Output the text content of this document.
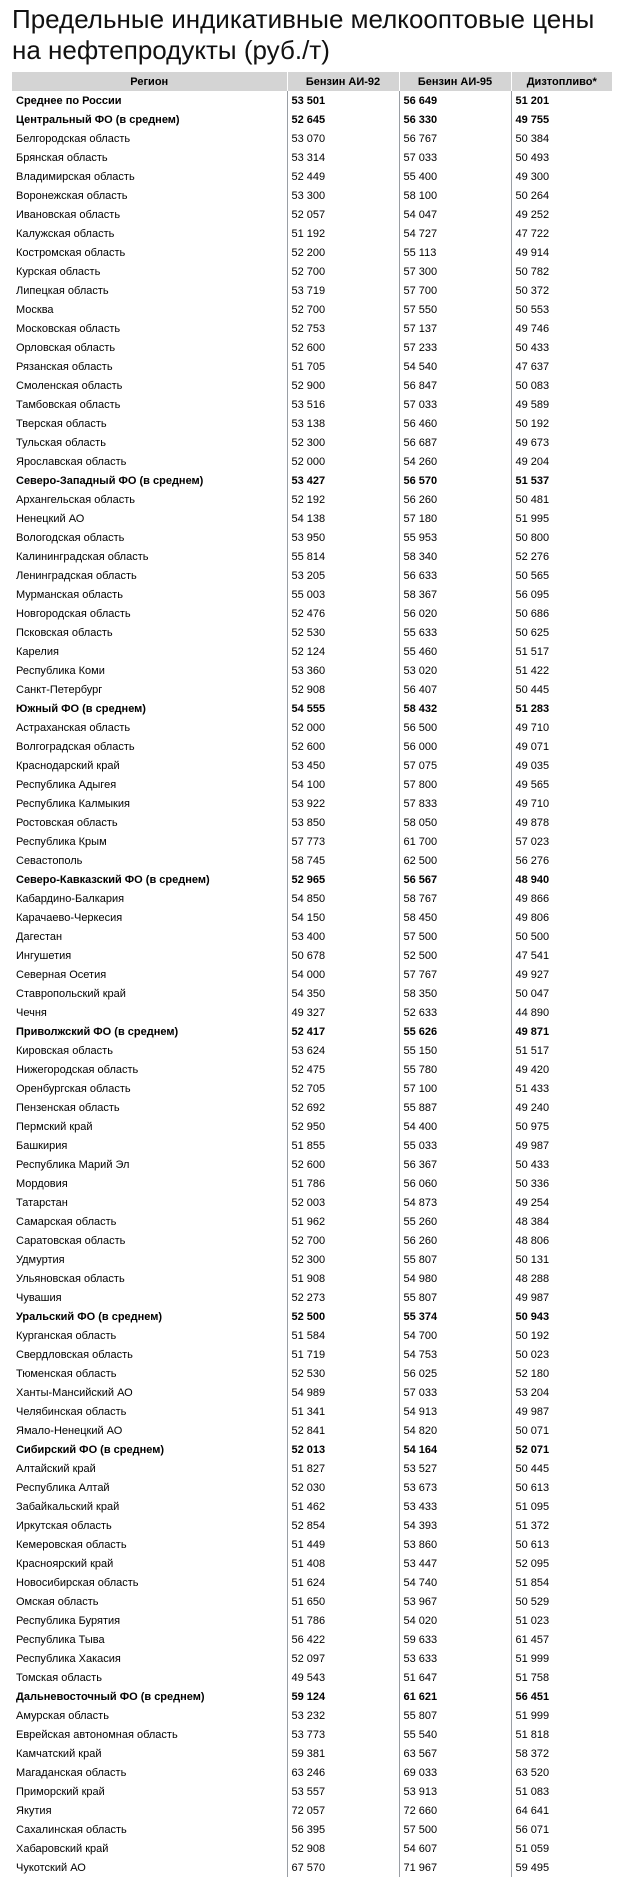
Предельные индикативные мелкооптовые цены на нефтепродукты (руб./т)
Регион	Бензин АИ-92	Бензин АИ-95	Дизтопливо*
Среднее по России	53 501	56 649	51 201
Центральный ФО (в среднем)	52 645	56 330	49 755
Белгородская область	53 070	56 767	50 384
Брянская область	53 314	57 033	50 493
Владимирская область	52 449	55 400	49 300
Воронежская область	53 300	58 100	50 264
Ивановская область	52 057	54 047	49 252
Калужская область	51 192	54 727	47 722
Костромская область	52 200	55 113	49 914
Курская область	52 700	57 300	50 782
Липецкая область	53 719	57 700	50 372
Москва	52 700	57 550	50 553
Московская область	52 753	57 137	49 746
Орловская область	52 600	57 233	50 433
Рязанская область	51 705	54 540	47 637
Смоленская область	52 900	56 847	50 083
Тамбовская область	53 516	57 033	49 589
Тверская область	53 138	56 460	50 192
Тульская область	52 300	56 687	49 673
Ярославская область	52 000	54 260	49 204
Северо-Западный ФО (в среднем)	53 427	56 570	51 537
Архангельская область	52 192	56 260	50 481
Ненецкий АО	54 138	57 180	51 995
Вологодская область	53 950	55 953	50 800
Калининградская область	55 814	58 340	52 276
Ленинградская область	53 205	56 633	50 565
Мурманская область	55 003	58 367	56 095
Новгородская область	52 476	56 020	50 686
Псковская область	52 530	55 633	50 625
Карелия	52 124	55 460	51 517
Республика Коми	53 360	53 020	51 422
Санкт-Петербург	52 908	56 407	50 445
Южный ФО (в среднем)	54 555	58 432	51 283
Астраханская область	52 000	56 500	49 710
Волгоградская область	52 600	56 000	49 071
Краснодарский край	53 450	57 075	49 035
Республика Адыгея	54 100	57 800	49 565
Республика Калмыкия	53 922	57 833	49 710
Ростовская область	53 850	58 050	49 878
Республика Крым	57 773	61 700	57 023
Севастополь	58 745	62 500	56 276
Северо-Кавказский ФО (в среднем)	52 965	56 567	48 940
Кабардино-Балкария	54 850	58 767	49 866
Карачаево-Черкесия	54 150	58 450	49 806
Дагестан	53 400	57 500	50 500
Ингушетия	50 678	52 500	47 541
Северная Осетия	54 000	57 767	49 927
Ставропольский край	54 350	58 350	50 047
Чечня	49 327	52 633	44 890
Приволжский ФО (в среднем)	52 417	55 626	49 871
Кировская область	53 624	55 150	51 517
Нижегородская область	52 475	55 780	49 420
Оренбургская область	52 705	57 100	51 433
Пензенская область	52 692	55 887	49 240
Пермский край	52 950	54 400	50 975
Башкирия	51 855	55 033	49 987
Республика Марий Эл	52 600	56 367	50 433
Мордовия	51 786	56 060	50 336
Татарстан	52 003	54 873	49 254
Самарская область	51 962	55 260	48 384
Саратовская область	52 700	56 260	48 806
Удмуртия	52 300	55 807	50 131
Ульяновская область	51 908	54 980	48 288
Чувашия	52 273	55 807	49 987
Уральский ФО (в среднем)	52 500	55 374	50 943
Курганская область	51 584	54 700	50 192
Свердловская область	51 719	54 753	50 023
Тюменская область	52 530	56 025	52 180
Ханты-Мансийский АО	54 989	57 033	53 204
Челябинская область	51 341	54 913	49 987
Ямало-Ненецкий АО	52 841	54 820	50 071
Сибирский ФО (в среднем)	52 013	54 164	52 071
Алтайский край	51 827	53 527	50 445
Республика Алтай	52 030	53 673	50 613
Забайкальский край	51 462	53 433	51 095
Иркутская область	52 854	54 393	51 372
Кемеровская область	51 449	53 860	50 613
Красноярский край	51 408	53 447	52 095
Новосибирская область	51 624	54 740	51 854
Омская область	51 650	53 967	50 529
Республика Бурятия	51 786	54 020	51 023
Республика Тыва	56 422	59 633	61 457
Республика Хакасия	52 097	53 633	51 999
Томская область	49 543	51 647	51 758
Дальневосточный ФО (в среднем)	59 124	61 621	56 451
Амурская область	53 232	55 807	51 999
Еврейская автономная область	53 773	55 540	51 818
Камчатский край	59 381	63 567	58 372
Магаданская область	63 246	69 033	63 520
Приморский край	53 557	53 913	51 083
Якутия	72 057	72 660	64 641
Сахалинская область	56 395	57 500	56 071
Хабаровский край	52 908	54 607	51 059
Чукотский АО	67 570	71 967	59 495
